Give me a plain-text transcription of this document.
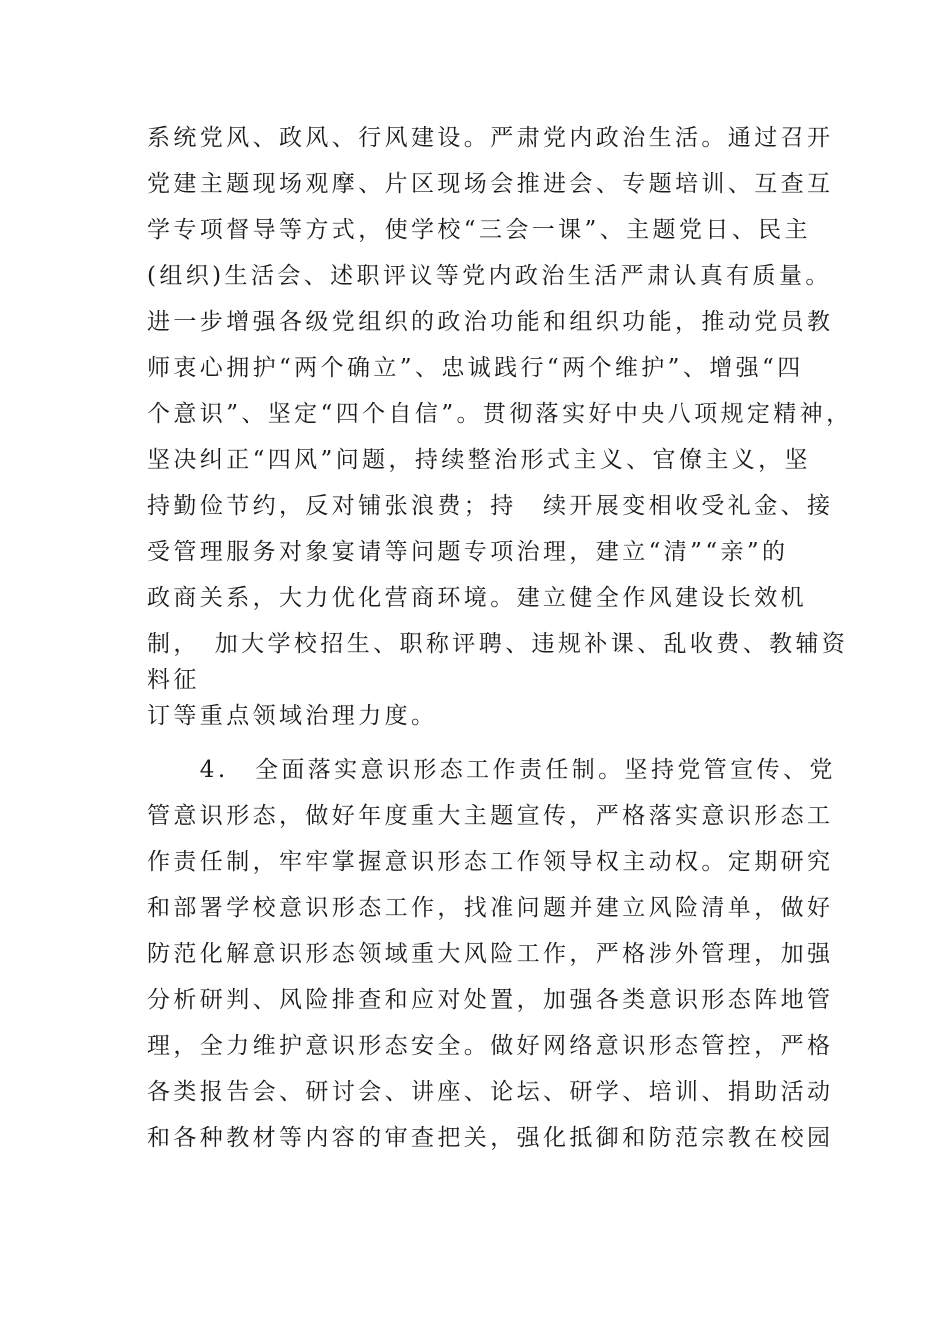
系统党风、政风、行风建设。严肃党内政治生活。通过召开

党建主题现场观摩、片区现场会推进会、专题培训、互查互

学专项督导等方式，使学校“三会一课”、主题党日、民主

(组织)生活会、述职评议等党内政治生活严肃认真有质量。

进一步增强各级党组织的政治功能和组织功能，推动党员教

师衷心拥护“两个确立”、忠诚践行“两个维护”、增强“四

个意识”、坚定“四个自信”。贯彻落实好中央八项规定精神，

坚决纠正“四风”问题，持续整治形式主义、官僚主义，坚

持勤俭节约，反对铺张浪费；持　续开展变相收受礼金、接

受管理服务对象宴请等问题专项治理，建立“清”“亲”的

政商关系，大力优化营商环境。建立健全作风建设长效机

制，　加大学校招生、职称评聘、违规补课、乱收费、教辅资

料征

订等重点领域治理力度。

　　4.　全面落实意识形态工作责任制。坚持党管宣传、党

管意识形态，做好年度重大主题宣传，严格落实意识形态工

作责任制，牢牢掌握意识形态工作领导权主动权。定期研究

和部署学校意识形态工作，找准问题并建立风险清单，做好

防范化解意识形态领域重大风险工作，严格涉外管理，加强

分析研判、风险排查和应对处置，加强各类意识形态阵地管

理，全力维护意识形态安全。做好网络意识形态管控，严格

各类报告会、研讨会、讲座、论坛、研学、培训、捐助活动

和各种教材等内容的审查把关，强化抵御和防范宗教在校园
